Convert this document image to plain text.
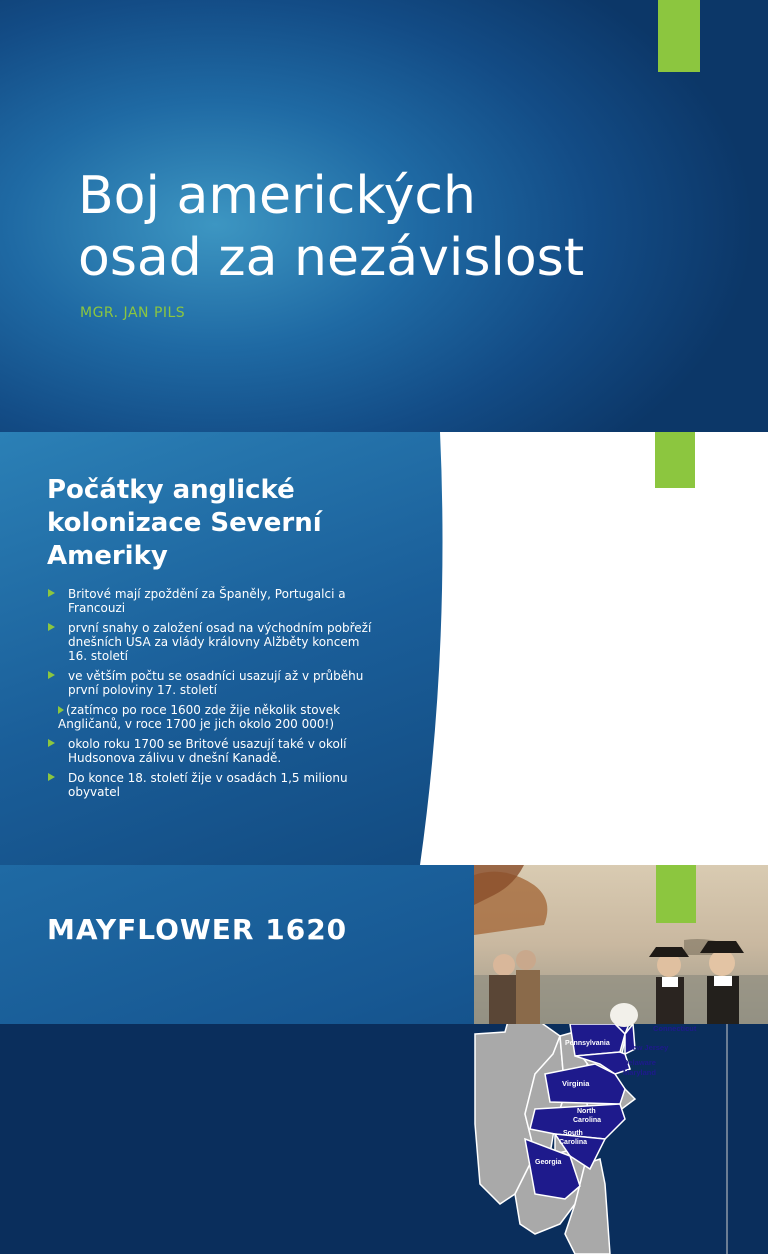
Boj amerických
osad za nezávislost
MGR. JAN PILS
Connecticut
Pennsylvania New Jersey
Delaware
Maryland
Virginia
North
Carolina
South
Carolina
Georgia
Počátky anglické
kolonizace Severní
Ameriky
Britové mají zpoždění za Španěly, Portugalci a Francouzi
první snahy o založení osad na východním pobřeží dnešních USA za vlády královny Alžběty koncem 16. století
ve větším počtu se osadníci usazují až v průběhu první poloviny 17. století
(zatímco po roce 1600 zde žije několik stovek Angličanů, v roce 1700 je jich okolo 200 000!)
okolo roku 1700 se Britové usazují také v okolí Hudsonova zálivu v dnešní Kanadě.
Do konce 18. století žije v osadách 1,5 milionu obyvatel
MAYFLOWER 1620
